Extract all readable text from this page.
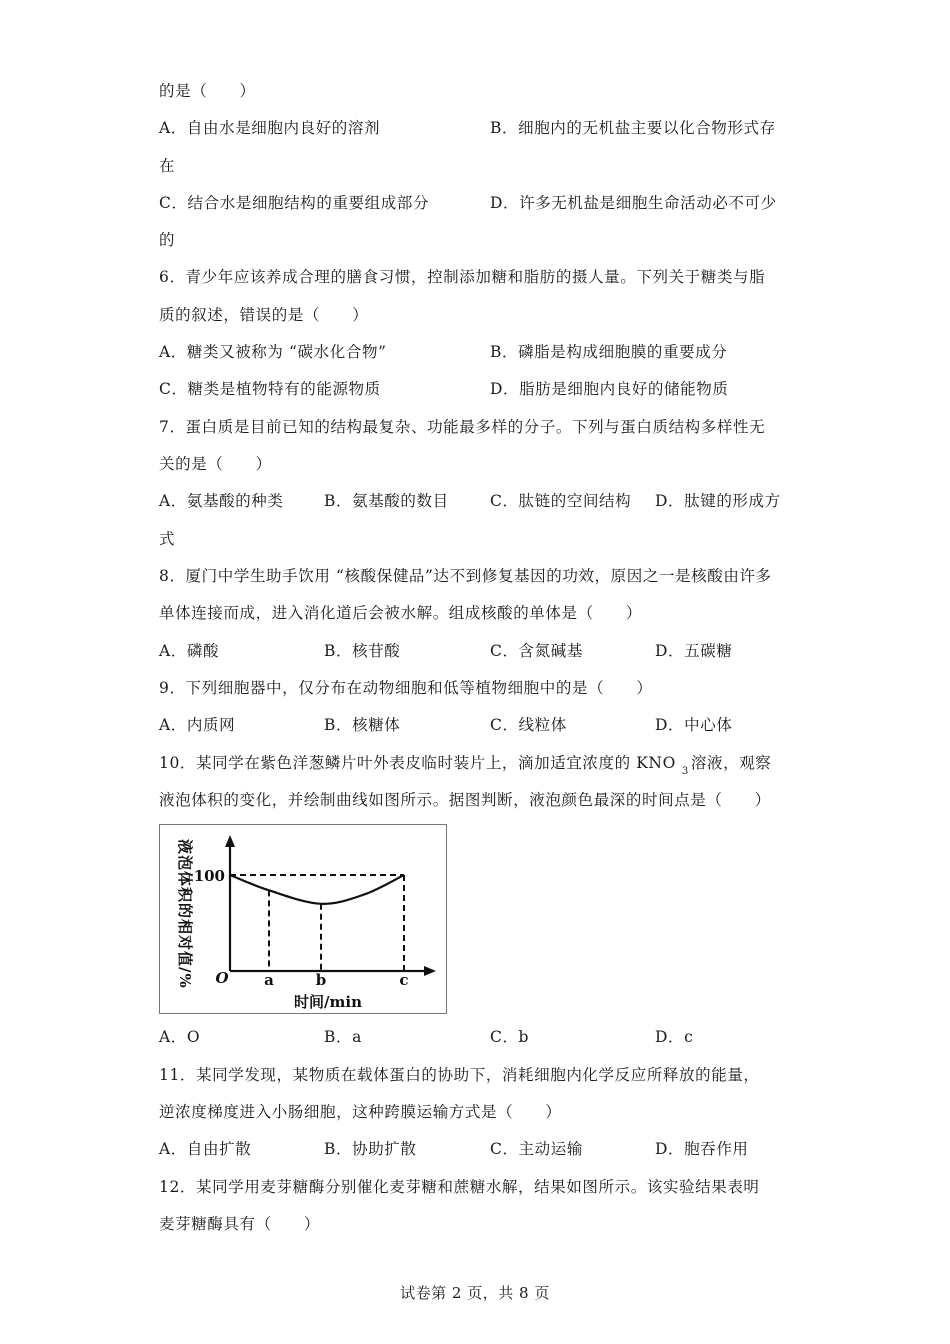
的是（　　）
A．自由水是细胞内良好的溶剂	B．细胞内的无机盐主要以化合物形式存
在
C．结合水是细胞结构的重要组成部分	D．许多无机盐是细胞生命活动必不可少
的
6．青少年应该养成合理的膳食习惯，控制添加糖和脂肪的摄人量。下列关于糖类与脂
质的叙述，错误的是（　　）
A．糖类又被称为 “碳水化合物”	B．磷脂是构成细胞膜的重要成分
C．糖类是植物特有的能源物质	D．脂肪是细胞内良好的储能物质
7．蛋白质是目前已知的结构最复杂、功能最多样的分子。下列与蛋白质结构多样性无
关的是（　　）
A．氨基酸的种类	B．氨基酸的数目	C．肽链的空间结构 D．肽键的形成方
式
8．厦门中学生助手饮用 “核酸保健品”达不到修复基因的功效，原因之一是核酸由许多
单体连接而成，进入消化道后会被水解。组成核酸的单体是（　　）
A．磷酸	B．核苷酸	C．含氮碱基	D．五碳糖
9．下列细胞器中，仅分布在动物细胞和低等植物细胞中的是（　　）
A．内质网	B．核糖体	C．线粒体	D．中心体
10．某同学在紫色洋葱鳞片叶外表皮临时装片上，滴加适宜浓度的 KNO $_3$ 溶液，观察
液泡体积的变化，并绘制曲线如图所示。据图判断，液泡颜色最深的时间点是（　　）
a	b	c
液泡体积的相对值/%
时间/min
O
100
A．O	B．a	C．b	D．c
11．某同学发现，某物质在载体蛋白的协助下，消耗细胞内化学反应所释放的能量，
逆浓度梯度进入小肠细胞，这种跨膜运输方式是（　　）
A．自由扩散	B．协助扩散	C．主动运输	D．胞吞作用
12．某同学用麦芽糖酶分别催化麦芽糖和蔗糖水解，结果如图所示。该实验结果表明
麦芽糖酶具有（　　）
试卷第 2 页，共 8 页
